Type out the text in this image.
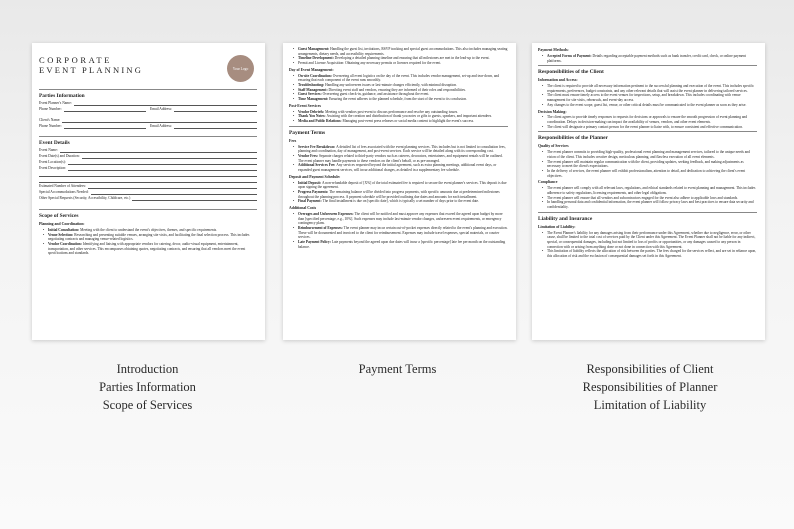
CORPORATE

EVENT PLANNING	Your Logo

Parties Information

Event Planner's Name:
Phone Number:	Email Address:
Client's Name:
Phone Number:	Email Address:

Event Details

Event Name:
Event Date(s) and Duration:
Event Location(s):
Event Description:
Estimated Number of Attendees:
Special Accommodations Needed:
Other Special Requests (Security, Accessibility, Childcare, etc.)

Scope of Services

Planning and Coordination:

• Initial Consultation: Meeting with the client to understand the event's objectives, themes, and specific requirements.

• Venue Selection: Researching and presenting suitable venues, arranging site visits, and facilitating the final selection process. This includes negotiating contracts and managing venue-related logistics.

• Vendor Coordination: Identifying and liaising with appropriate vendors for catering, decor, audio-visual equipment, entertainment, transportation, and other services. This encompasses obtaining quotes, negotiating contracts, and ensuring that all vendors meet the event specifications and standards.

• Guest Management: Handling the guest list, invitations, RSVP tracking and special guest accommodations. This also includes managing seating arrangements, dietary needs, and accessibility requirements.

• Timeline Development: Developing a detailed planning timeline and ensuring that all milestones are met in the lead-up to the event.

• Permit and License Acquisition: Obtaining any necessary permits or licenses required for the event.

Day of Event Management:

• On-site Coordination: Overseeing all event logistics on the day of the event. This includes vendor management, set-up and tear-down, and ensuring that each component of the event runs smoothly.

• Troubleshooting: Handling any unforeseen issues or last-minute changes efficiently, with minimal disruption.

• Staff Management: Directing event staff and vendors, ensuring they are informed of their roles and responsibilities.

• Guest Services: Overseeing guest check-in, guidance, and assistance throughout the event.

• Time Management: Ensuring the event adheres to the planned schedule, from the start of the event to its conclusion.

Post-Event Services

• Vendor Debriefs: Meeting with vendors post-event to discuss performance and resolve any outstanding issues.

• Thank You Notes: Assisting with the creation and distribution of thank you notes or gifts to guests, speakers, and important attendees.

• Media and Public Relations: Managing post-event press releases or social media content to highlight the event's success.

Payment Terms

Fees

• Service Fee Breakdown: A detailed list of fees associated with the event planning services. This includes but is not limited to consultation fees, planning and coordination, day of management, and post-event services. Each service will be detailed along with its corresponding cost.

• Vendor Fees: Separate charges related to third-party vendors such as caterers, decorators, entertainers, and equipment rentals will be outlined. The event planner may handle payments to these vendors on the client's behalf, or as pre-arranged.

• Additional Services Fee: Any services requested beyond the initial agreement, such as extra planning meetings, additional event days, or expanded guest management services, will incur additional charges, as detailed in a supplementary fee schedule.

Deposit and Payment Schedule:

• Initial Deposit: A non-refundable deposit of [X%] of the total estimated fee is required to secure the event planner's services. This deposit is due upon signing the agreement.

• Progress Payments: The remaining balance will be divided into progress payments, with specific amounts due at predetermined milestones throughout the planning process. A payment schedule will be provided outlining due dates and amounts for each installment.

• Final Payment: The final installment is due on [specific date], which is typically a set number of days prior to the event date.

Additional Costs

• Overages and Unforeseen Expenses: The client will be notified and must approve any expenses that exceed the agreed upon budget by more than [specified percentage, e.g., 10%]. Such expenses may include last-minute vendor changes, unforeseen event requirements, or emergency contingency plans.

• Reimbursement of Expenses: The event planner may incur certain out-of-pocket expenses directly related to the event's planning and execution. These will be documented and invoiced to the client for reimbursement. Expenses may include travel expenses, special materials, or courier services.

• Late Payment Policy: Late payments beyond the agreed upon due dates will incur a [specific percentage] late fee per month on the outstanding balance.

Payment Methods:

• Accepted Forms of Payment: Details regarding acceptable payment methods such as bank transfer, credit card, check, or online payment platforms.

Responsibilities of the Client

Information and Access:

• The client is required to provide all necessary information pertinent to the successful planning and execution of the event. This includes specific requirements, preferences, budget constraints, and any other relevant details that will assist the event planner in delivering tailored services.

• The client must ensure timely access to the event venues for inspections, setup, and breakdown. This includes coordinating with venue management for site visits, rehearsals, and event-day access.

• Any changes to the event scope, guest list, venue, or other critical details must be communicated to the event planner as soon as they arise.

Decision Making:

• The client agrees to provide timely responses to requests for decisions or approvals to ensure the smooth progression of event planning and coordination. Delays in decision-making can impact the availability of venues, vendors, and other event elements.

• The client will designate a primary contact person for the event planner to liaise with, to ensure consistent and effective communication.

Responsibilities of the Planner

Quality of Services

• The event planner commits to providing high-quality, professional event planning and management services, tailored to the unique needs and vision of the client. This includes creative design, meticulous planning, and flawless execution of all event elements.

• The event planner will maintain regular communication with the client, providing updates, seeking feedback, and making adjustments as necessary to meet the client's expectations.

• In the delivery of services, the event planner will exhibit professionalism, attention to detail, and dedication to achieving the client's event objectives.

Compliance

• The event planner will comply with all relevant laws, regulations, and ethical standards related to event planning and management. This includes adherence to safety regulations, licensing requirements, and other legal obligations.

• The event planner will ensure that all vendors and subcontractors engaged for the event also adhere to applicable laws and standards.

• In handling personal data and confidential information, the event planner will follow privacy laws and best practices to ensure data security and confidentiality.

Liability and Insurance

Limitation of Liability:

• The Event Planner's liability for any damages arising from their performance under this Agreement, whether due to negligence, error, or other cause, shall be limited to the total cost of services paid by the Client under this Agreement. The Event Planner shall not be liable for any indirect, special, or consequential damages, including but not limited to loss of profits or opportunities, or any damages caused to any person in connection with or arising from anything done or not done in connection with this Agreement.

• This limitation of liability reflects the allocation of risk between the parties. The fees charged for the services reflect, and are set in reliance upon, this allocation of risk and the exclusion of consequential damages set forth in this Agreement.

Introduction
Parties Information
Scope of Services
Payment Terms	Responsibilities of Client
Responsibilities of Planner
Limitation of Liability
